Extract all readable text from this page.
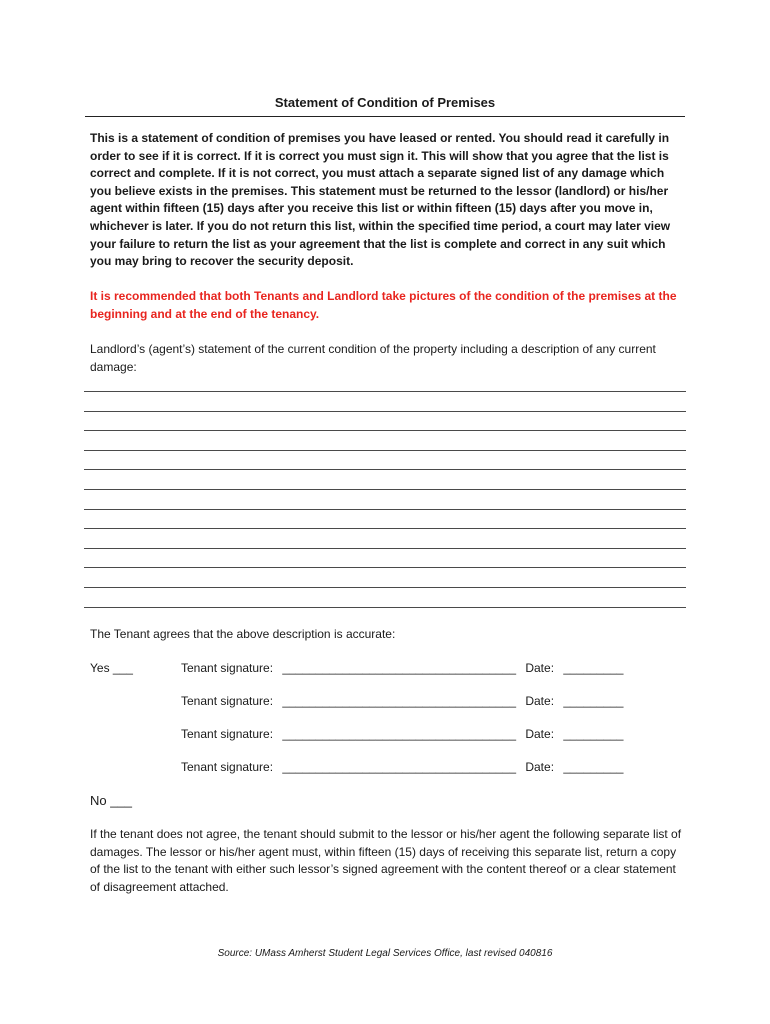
Statement of Condition of Premises
This is a statement of condition of premises you have leased or rented. You should read it carefully in order to see if it is correct. If it is correct you must sign it. This will show that you agree that the list is correct and complete. If it is not correct, you must attach a separate signed list of any damage which you believe exists in the premises. This statement must be returned to the lessor (landlord) or his/her agent within fifteen (15) days after you receive this list or within fifteen (15) days after you move in, whichever is later. If you do not return this list, within the specified time period, a court may later view your failure to return the list as your agreement that the list is complete and correct in any suit which you may bring to recover the security deposit.
It is recommended that both Tenants and Landlord take pictures of the condition of the premises at the beginning and at the end of the tenancy.
Landlord’s (agent’s) statement of the current condition of the property including a description of any current damage:
The Tenant agrees that the above description is accurate:
Yes ___	Tenant signature: ___________________________________ Date: _________
Tenant signature: ___________________________________ Date: _________
Tenant signature: ___________________________________ Date: _________
Tenant signature: ___________________________________ Date: _________
No ___
If the tenant does not agree, the tenant should submit to the lessor or his/her agent the following separate list of damages. The lessor or his/her agent must, within fifteen (15) days of receiving this separate list, return a copy of the list to the tenant with either such lessor’s signed agreement with the content thereof or a clear statement of disagreement attached.
Source: UMass Amherst Student Legal Services Office, last revised 040816
